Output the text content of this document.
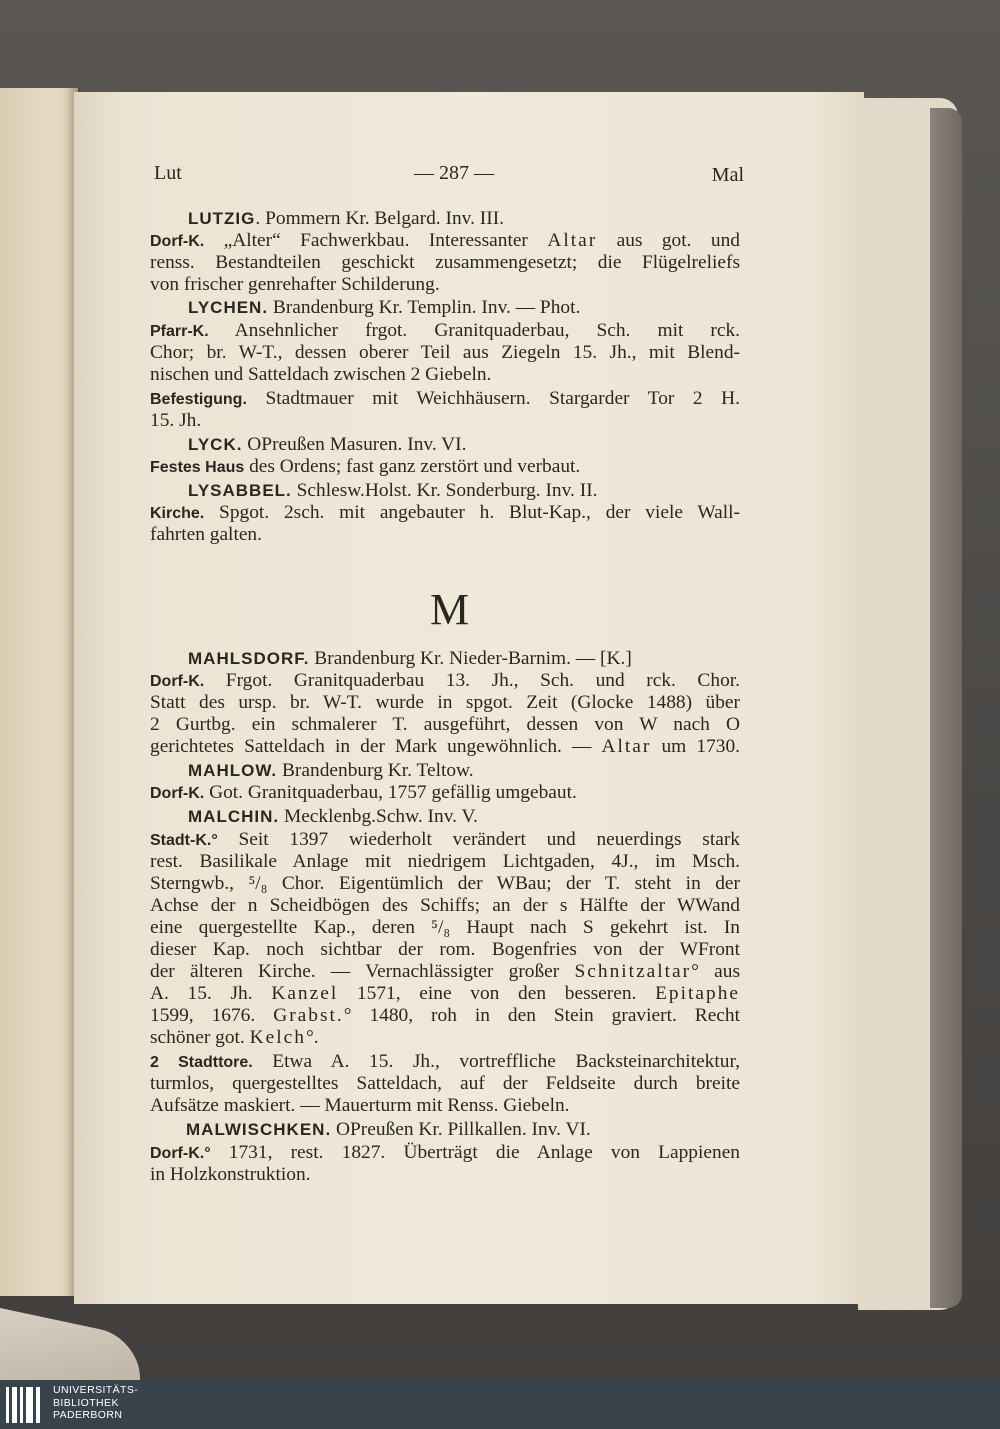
Lut	— 287 —	Mal
LUTZIG. Pommern Kr. Belgard. Inv. III.
Dorf-K. „Alter“ Fachwerkbau. Interessanter Altar aus got. und
renss. Bestandteilen geschickt zusammengesetzt; die Flügelreliefs
von frischer genrehafter Schilderung.
LYCHEN. Brandenburg Kr. Templin. Inv. — Phot.
Pfarr-K. Ansehnlicher frgot. Granitquaderbau, Sch. mit rck.
Chor; br. W-T., dessen oberer Teil aus Ziegeln 15. Jh., mit Blend-
nischen und Satteldach zwischen 2 Giebeln.
Befestigung. Stadtmauer mit Weichhäusern. Stargarder Tor 2 H.
15. Jh.
LYCK. OPreußen Masuren. Inv. VI.
Festes Haus des Ordens; fast ganz zerstört und verbaut.
LYSABBEL. Schlesw.Holst. Kr. Sonderburg. Inv. II.
Kirche. Spgot. 2sch. mit angebauter h. Blut-Kap., der viele Wall-
fahrten galten.
MAHLSDORF. Brandenburg Kr. Nieder-Barnim. — [K.]
Dorf-K. Frgot. Granitquaderbau 13. Jh., Sch. und rck. Chor.
Statt des ursp. br. W-T. wurde in spgot. Zeit (Glocke 1488) über
2 Gurtbg. ein schmalerer T. ausgeführt, dessen von W nach O
gerichtetes Satteldach in der Mark ungewöhnlich. — Altar um 1730.
MAHLOW. Brandenburg Kr. Teltow.
Dorf-K. Got. Granitquaderbau, 1757 gefällig umgebaut.
MALCHIN. Mecklenbg.Schw. Inv. V.
Stadt-K.° Seit 1397 wiederholt verändert und neuerdings stark
rest. Basilikale Anlage mit niedrigem Lichtgaden, 4J., im Msch.
Sterngwb., ⁵/₈ Chor. Eigentümlich der WBau; der T. steht in der
Achse der n Scheidbögen des Schiffs; an der s Hälfte der WWand
eine quergestellte Kap., deren ⁵/₈ Haupt nach S gekehrt ist. In
dieser Kap. noch sichtbar der rom. Bogenfries von der WFront
der älteren Kirche. — Vernachlässigter großer Schnitzaltar° aus
A. 15. Jh. Kanzel 1571, eine von den besseren. Epitaphe
1599, 1676. Grabst.° 1480, roh in den Stein graviert. Recht
schöner got. Kelch°.
2 Stadttore. Etwa A. 15. Jh., vortreffliche Backsteinarchitektur,
turmlos, quergestelltes Satteldach, auf der Feldseite durch breite
Aufsätze maskiert. — Mauerturm mit Renss. Giebeln.
MALWISCHKEN. OPreußen Kr. Pillkallen. Inv. VI.
Dorf-K.° 1731, rest. 1827. Überträgt die Anlage von Lappienen
in Holzkonstruktion.
M
UNIVERSITÄTS-
BIBLIOTHEK
PADERBORN
